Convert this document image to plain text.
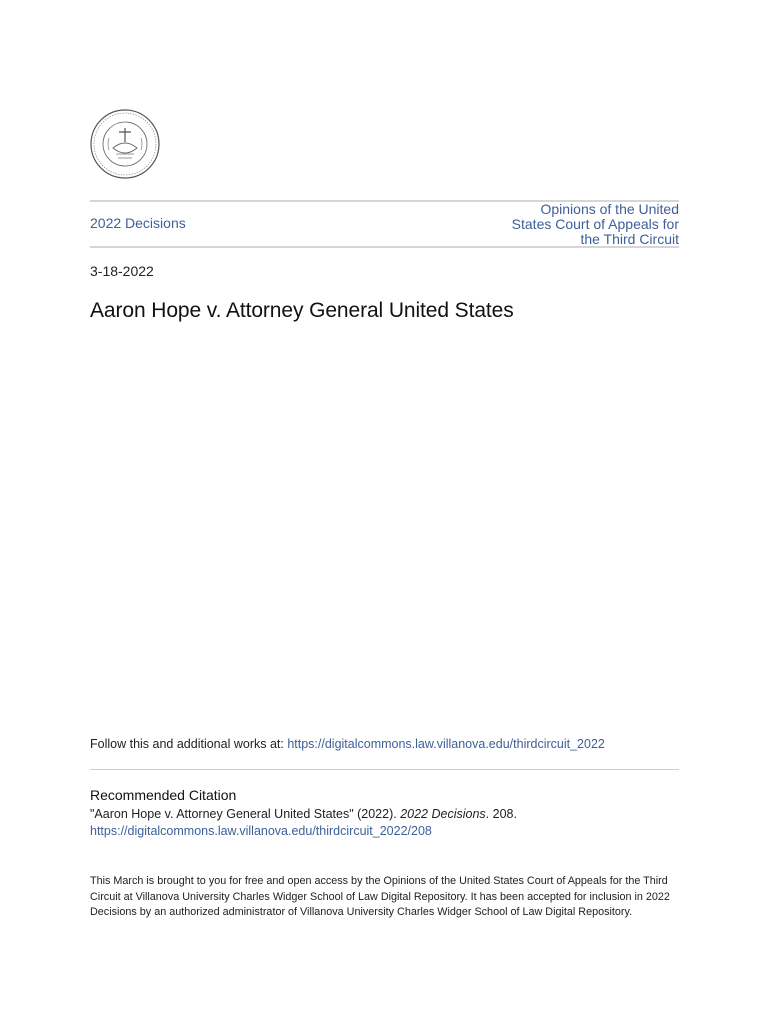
2022 Decisions
Opinions of the United States Court of Appeals for the Third Circuit
3-18-2022
Aaron Hope v. Attorney General United States
Follow this and additional works at: https://digitalcommons.law.villanova.edu/thirdcircuit_2022
Recommended Citation
"Aaron Hope v. Attorney General United States" (2022). 2022 Decisions. 208.
https://digitalcommons.law.villanova.edu/thirdcircuit_2022/208
This March is brought to you for free and open access by the Opinions of the United States Court of Appeals for the Third Circuit at Villanova University Charles Widger School of Law Digital Repository. It has been accepted for inclusion in 2022 Decisions by an authorized administrator of Villanova University Charles Widger School of Law Digital Repository.
